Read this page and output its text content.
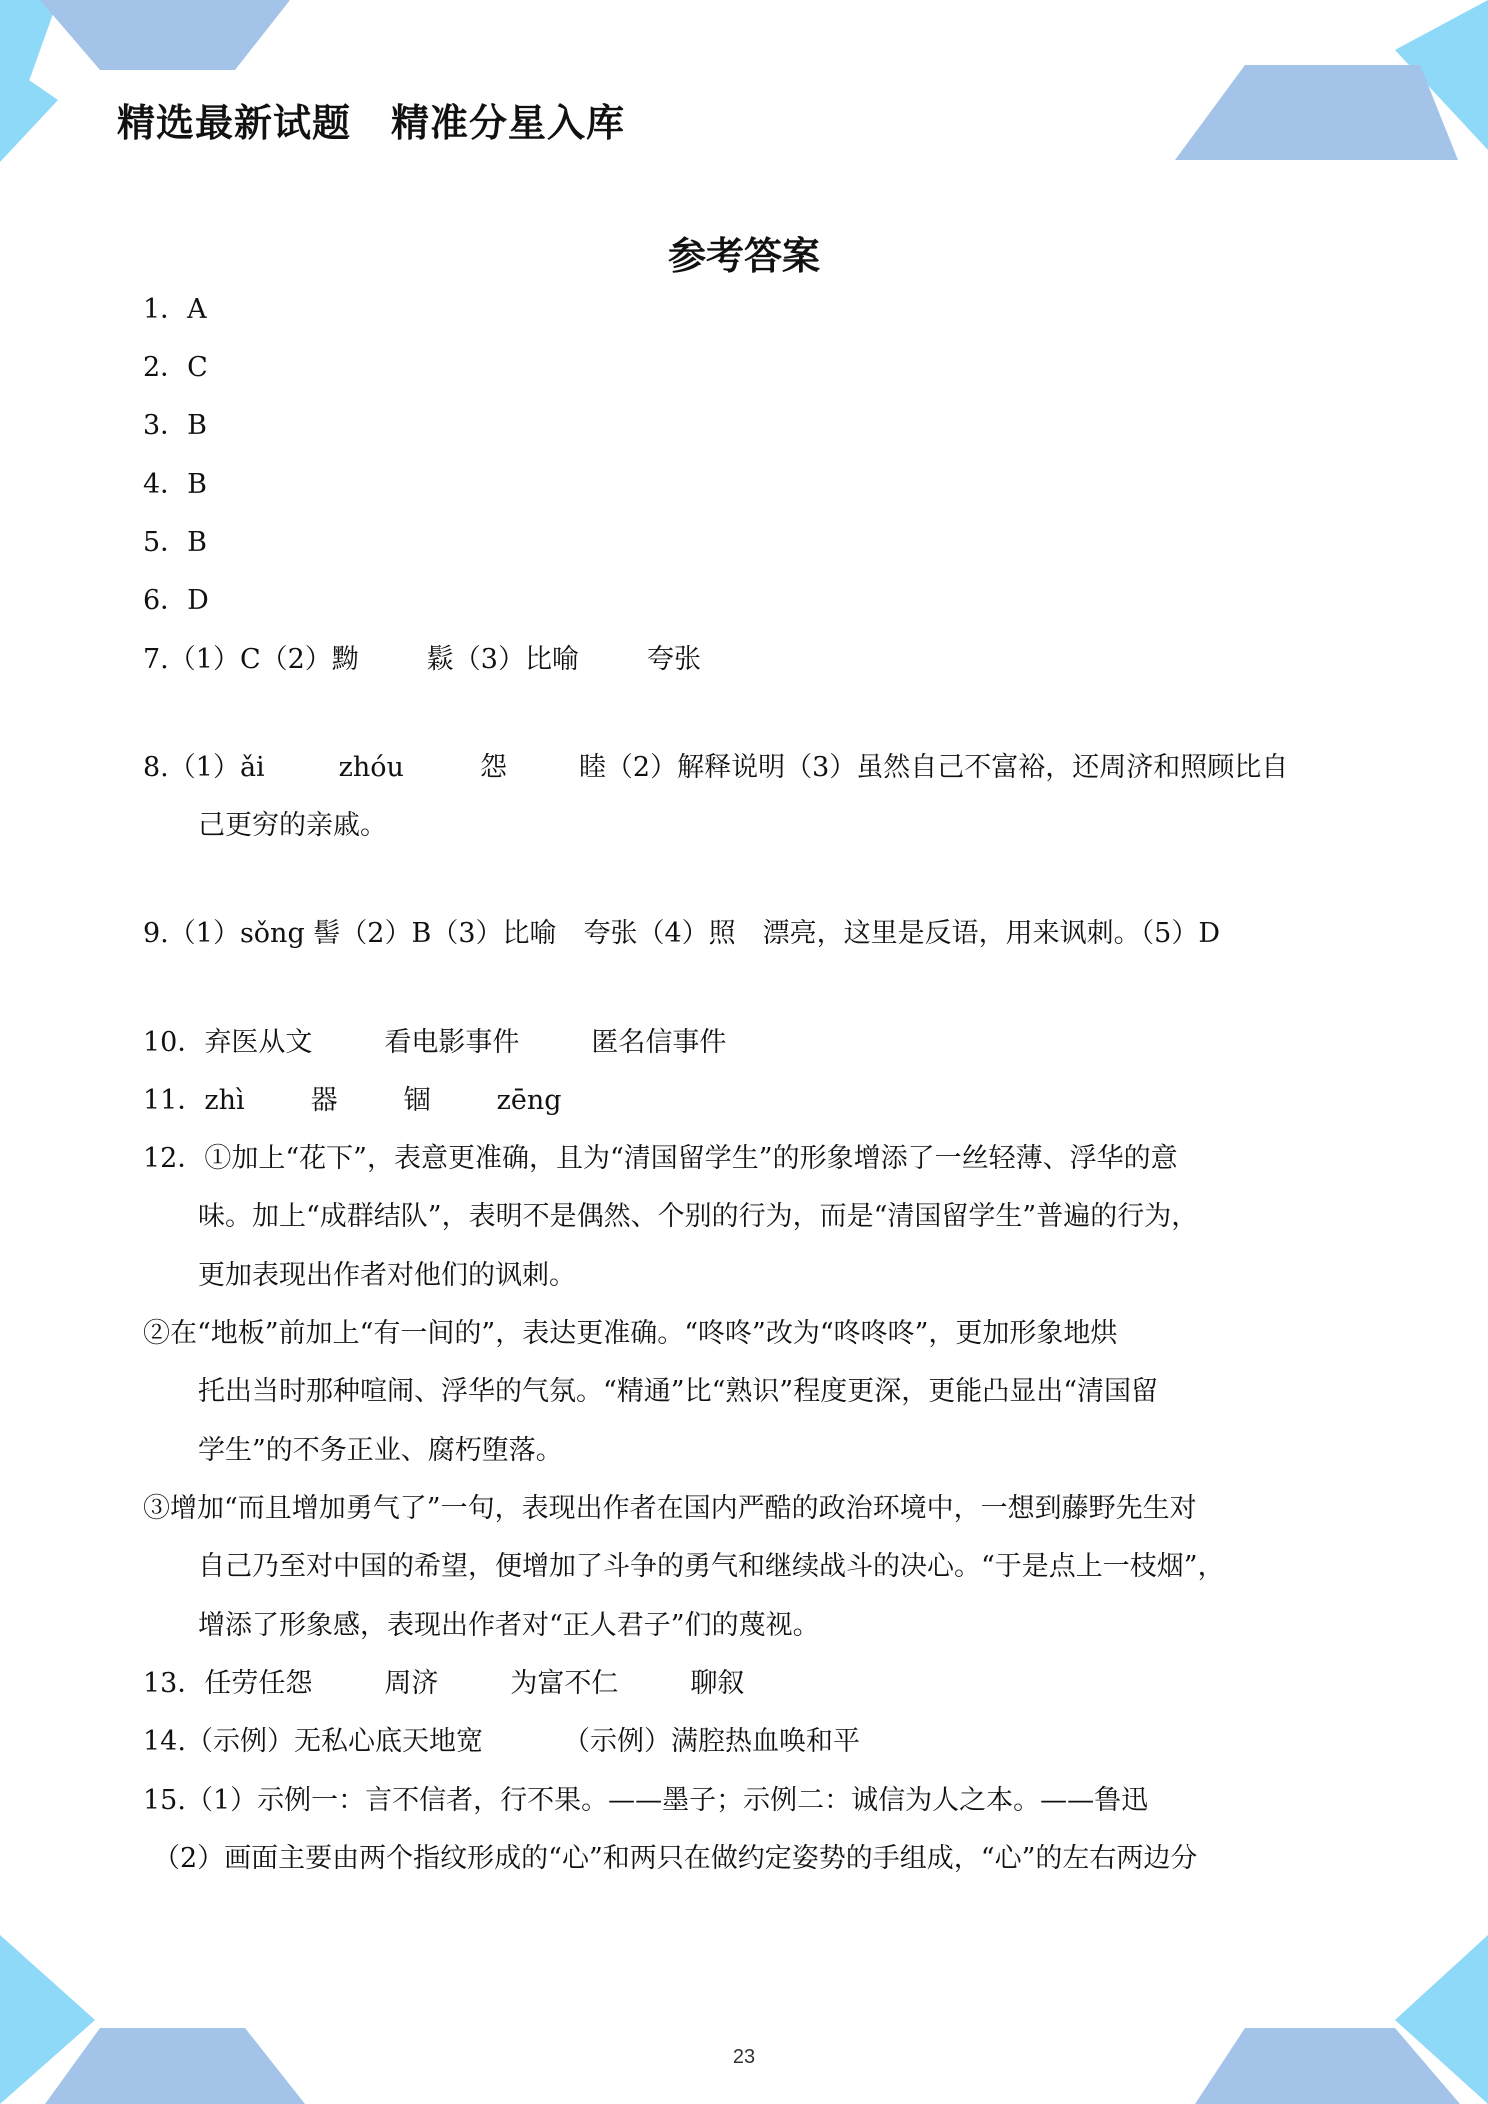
精选最新试题 精准分星入库
参考答案
1．A
2．C
3．B
4．B
5．B
6．D
7.（1）C（2）黝	鬏（3）比喻	夸张
8.（1）ǎi	zhóu	怨	睦（2）解释说明（3）虽然自己不富裕，还周济和照顾比自
己更穷的亲戚。
9.（1）sǒng 髻（2）B（3）比喻　夸张（4）照　漂亮，这里是反语，用来讽刺。（5）D
10．弃医从文	看电影事件	匿名信事件
11．zhì 器 锢 zēng
12．①加上“花下”，表意更准确，且为“清国留学生”的形象增添了一丝轻薄、浮华的意
味。加上“成群结队”，表明不是偶然、个别的行为，而是“清国留学生”普遍的行为，
更加表现出作者对他们的讽刺。
②在“地板”前加上“有一间的”，表达更准确。“咚咚”改为“咚咚咚”，更加形象地烘
托出当时那种喧闹、浮华的气氛。“精通”比“熟识”程度更深，更能凸显出“清国留
学生”的不务正业、腐朽堕落。
③增加“而且增加勇气了”一句，表现出作者在国内严酷的政治环境中，一想到藤野先生对
自己乃至对中国的希望，便增加了斗争的勇气和继续战斗的决心。“于是点上一枝烟”，
增添了形象感，表现出作者对“正人君子”们的蔑视。
13．任劳任怨	周济	为富不仁	聊叙
14.（示例）无私心底天地宽	（示例）满腔热血唤和平
15.（1）示例一：言不信者，行不果。——墨子；示例二：诚信为人之本。——鲁迅
（2）画面主要由两个指纹形成的“心”和两只在做约定姿势的手组成，“心”的左右两边分
23
